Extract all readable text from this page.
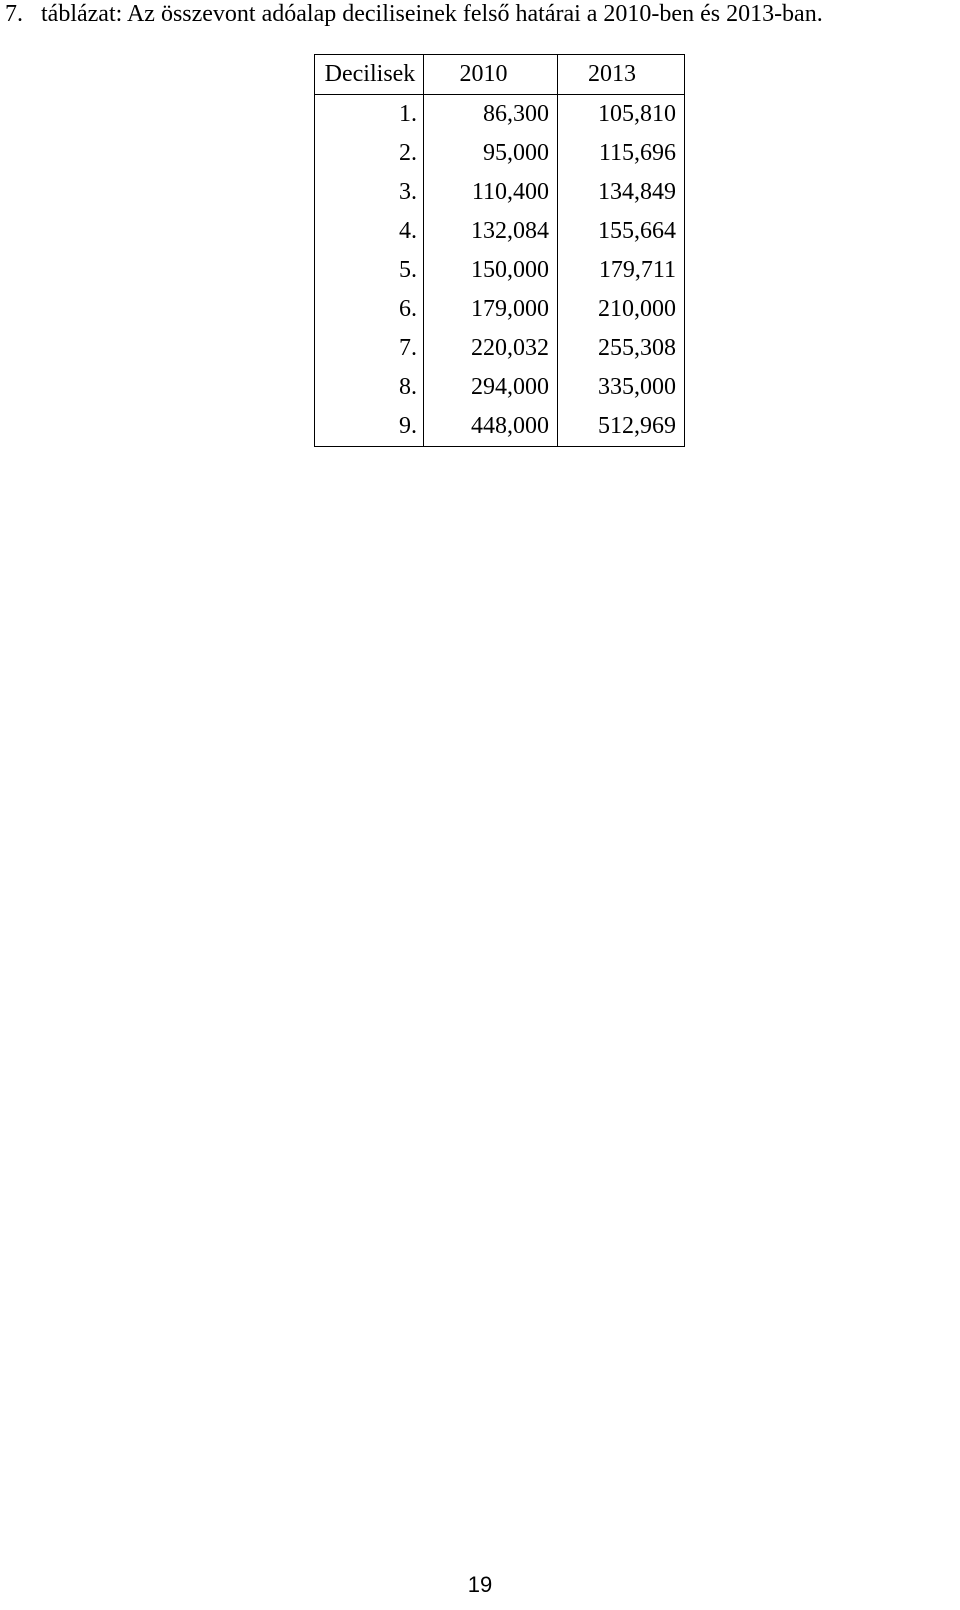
7. táblázat: Az összevont adóalap deciliseinek felső határai a 2010-ben és 2013-ban.
Decilisek	2010	2013
1.	86,300	105,810
2.	95,000	115,696
3.	110,400	134,849
4.	132,084	155,664
5.	150,000	179,711
6.	179,000	210,000
7.	220,032	255,308
8.	294,000	335,000
9.	448,000	512,969
19
